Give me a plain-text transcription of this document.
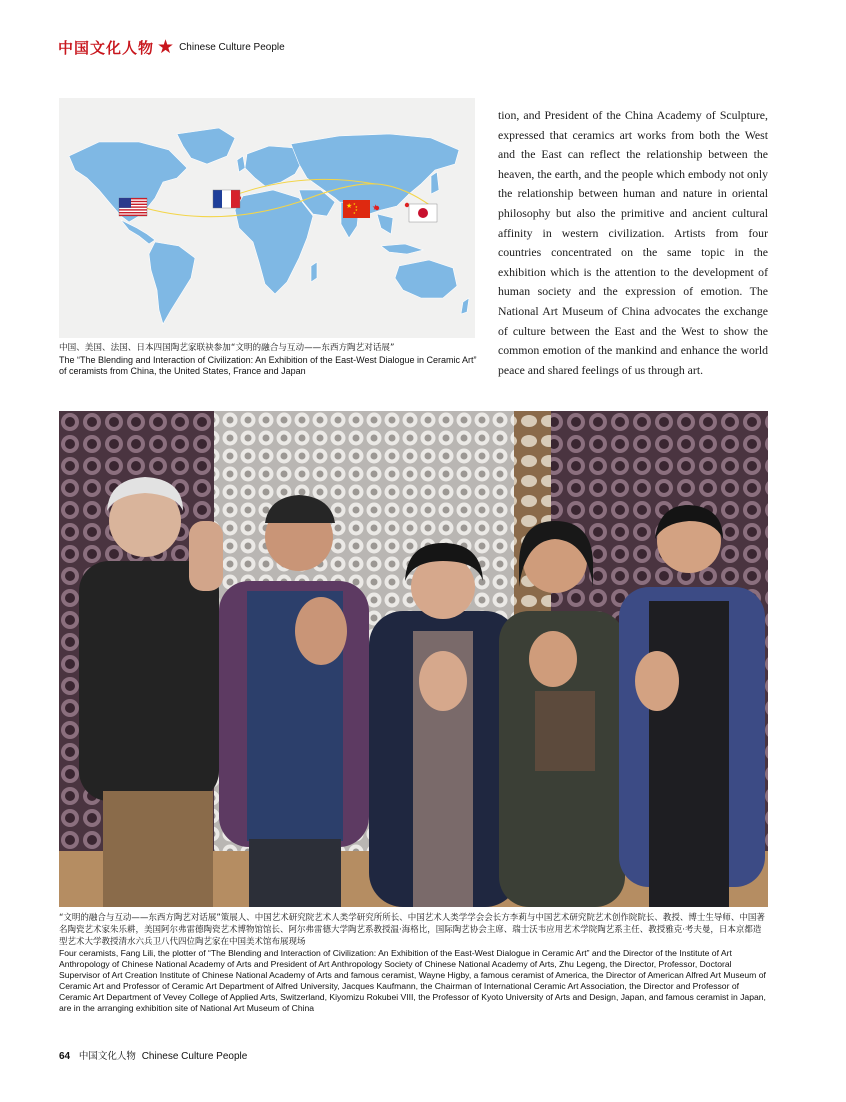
中国文化人物 ★ Chinese Culture People
★ ★
★
★
★
★
中国、美国、法国、日本四国陶艺家联袂参加“文明的融合与互动——东西方陶艺对话展”
The “The Blending and Interaction of Civilization: An Exhibition of the East-West Dialogue in Ceramic Art” of ceramists from China, the United States, France and Japan
tion, and President of the China Academy of Sculpture, expressed that ceramics art works from both the West and the East can reflect the relationship between the heaven, the earth, and the people which embody not only the relationship between human and nature in oriental philosophy but also the primitive and ancient cultural affinity in western civilization. Artists from four countries concentrated on the same topic in the exhibition which is the attention to the development of human society and the expression of emotion. The National Art Museum of China advocates the exchange of culture between the East and the West to show the common emotion of the mankind and enhance the world peace and shared feelings of us through art.
“文明的融合与互动——东西方陶艺对话展”策展人、中国艺术研究院艺术人类学研究所所长、中国艺术人类学学会会长方李莉与中国艺术研究院艺术创作院院长、教授、博士生导师、中国著名陶瓷艺术家朱乐耕，美国阿尔弗雷德陶瓷艺术博物馆馆长、阿尔弗雷德大学陶艺系教授温·海格比，国际陶艺协会主席、瑞士沃韦应用艺术学院陶艺系主任、教授雅克·考夫曼，日本京都造型艺术大学教授清水六兵卫八代四位陶艺家在中国美术馆布展现场
Four ceramists, Fang Lili, the plotter of “The Blending and Interaction of Civilization: An Exhibition of the East-West Dialogue in Ceramic Art” and the Director of the Institute of Art Anthropology of Chinese National Academy of Arts and President of Art Anthropology Society of Chinese National Academy of Arts, Zhu Legeng, the Director, Professor, Doctoral Supervisor of Art Creation Institute of Chinese National Academy of Arts and famous ceramist, Wayne Higby, a famous ceramist of America, the Director of American Alfred Art Museum of Ceramic Art and Professor of Ceramic Art Department of Alfred University, Jacques Kaufmann, the Chairman of International Ceramic Art Association, the Director and Professor of Ceramic Art Department of Vevey College of Applied Arts, Switzerland, Kiyomizu Rokubei VIII, the Professor of Kyoto University of Arts and Design, Japan, and famous ceramist in Japan, are in the arranging exhibition site of National Art Museum of China
64 中国文化人物 Chinese Culture People
